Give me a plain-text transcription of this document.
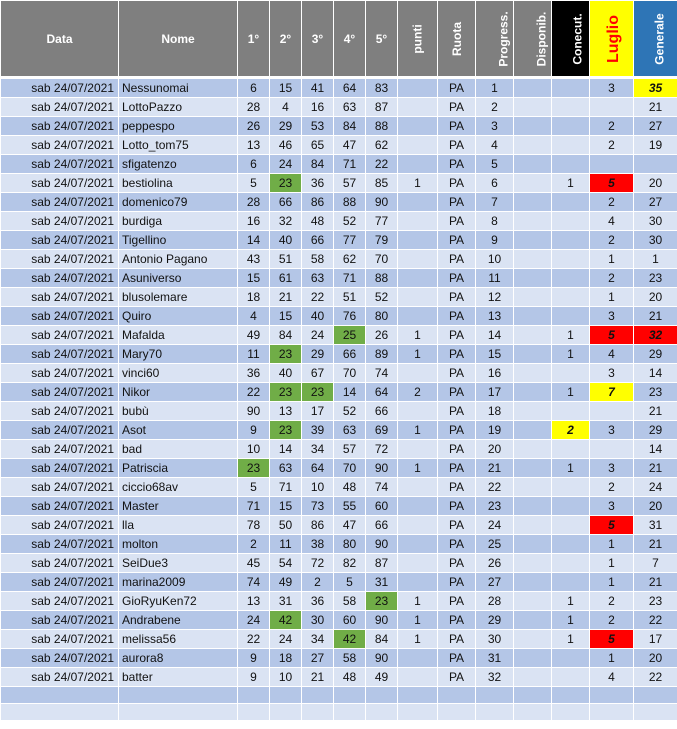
Data	Nome	1°	2°	3°	4°	5°	punti	Ruota	Progress.	Disponib.	Conecut.	Luglio	Generale

sab 24/07/2021	Nessunomai	6	15	41	64	83		PA	1			3	35
sab 24/07/2021	LottoPazzo	28	4	16	63	87		PA	2				21
sab 24/07/2021	peppespo	26	29	53	84	88		PA	3			2	27
sab 24/07/2021	Lotto_tom75	13	46	65	47	62		PA	4			2	19
sab 24/07/2021	sfigatenzo	6	24	84	71	22		PA	5				
sab 24/07/2021	bestiolina	5	23	36	57	85	1	PA	6		1	5	20
sab 24/07/2021	domenico79	28	66	86	88	90		PA	7			2	27
sab 24/07/2021	burdiga	16	32	48	52	77		PA	8			4	30
sab 24/07/2021	Tigellino	14	40	66	77	79		PA	9			2	30
sab 24/07/2021	Antonio Pagano	43	51	58	62	70		PA	10			1	1
sab 24/07/2021	Asuniverso	15	61	63	71	88		PA	11			2	23
sab 24/07/2021	blusolemare	18	21	22	51	52		PA	12			1	20
sab 24/07/2021	Quiro	4	15	40	76	80		PA	13			3	21
sab 24/07/2021	Mafalda	49	84	24	25	26	1	PA	14		1	5	32
sab 24/07/2021	Mary70	11	23	29	66	89	1	PA	15		1	4	29
sab 24/07/2021	vinci60	36	40	67	70	74		PA	16			3	14
sab 24/07/2021	Nikor	22	23	23	14	64	2	PA	17		1	7	23
sab 24/07/2021	bubù	90	13	17	52	66		PA	18				21
sab 24/07/2021	Asot	9	23	39	63	69	1	PA	19		2	3	29
sab 24/07/2021	bad	10	14	34	57	72		PA	20				14
sab 24/07/2021	Patriscia	23	63	64	70	90	1	PA	21		1	3	21
sab 24/07/2021	ciccio68av	5	71	10	48	74		PA	22			2	24
sab 24/07/2021	Master	71	15	73	55	60		PA	23			3	20
sab 24/07/2021	lla	78	50	86	47	66		PA	24			5	31
sab 24/07/2021	molton	2	11	38	80	90		PA	25			1	21
sab 24/07/2021	SeiDue3	45	54	72	82	87		PA	26			1	7
sab 24/07/2021	marina2009	74	49	2	5	31		PA	27			1	21
sab 24/07/2021	GioRyuKen72	13	31	36	58	23	1	PA	28		1	2	23
sab 24/07/2021	Andrabene	24	42	30	60	90	1	PA	29		1	2	22
sab 24/07/2021	melissa56	22	24	34	42	84	1	PA	30		1	5	17
sab 24/07/2021	aurora8	9	18	27	58	90		PA	31			1	20
sab 24/07/2021	batter	9	10	21	48	49		PA	32			4	22
